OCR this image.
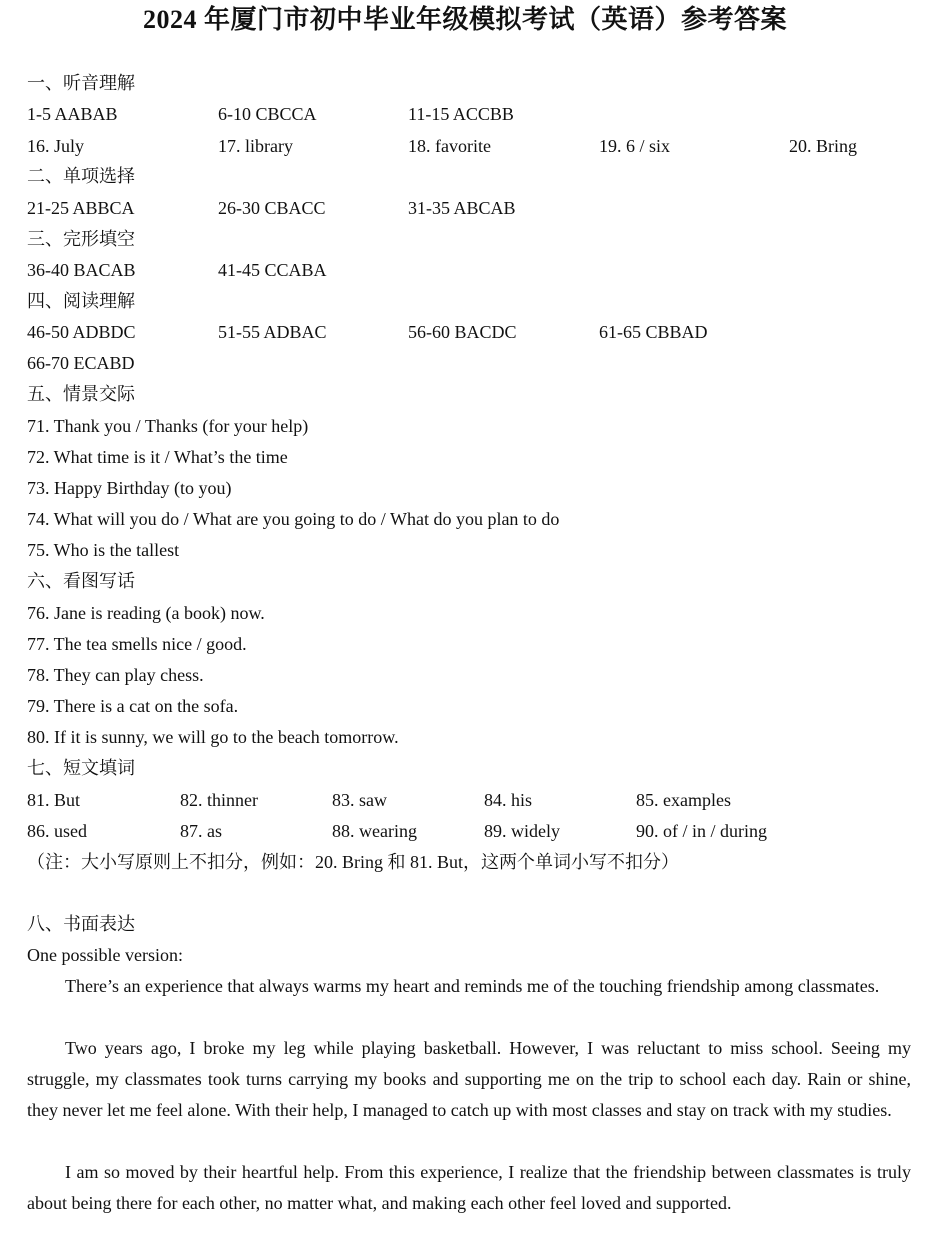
2024 年厦门市初中毕业年级模拟考试（英语）参考答案
一、听音理解
1-5 AABAB	6-10 CBCCA	11-15 ACCBB
16. July	17. library	18. favorite	19. 6 / six	20. Bring
二、单项选择
21-25 ABBCA	26-30 CBACC	31-35 ABCAB
三、完形填空
36-40 BACAB	41-45 CCABA
四、阅读理解
46-50 ADBDC	51-55 ADBAC	56-60 BACDC	61-65 CBBAD
66-70 ECABD
五、情景交际
71. Thank you / Thanks (for your help)
72. What time is it / What’s the time
73. Happy Birthday (to you)
74. What will you do / What are you going to do / What do you plan to do
75. Who is the tallest
六、看图写话
76. Jane is reading (a book) now.
77. The tea smells nice / good.
78. They can play chess.
79. There is a cat on the sofa.
80. If it is sunny, we will go to the beach tomorrow.
七、短文填词
81. But	82. thinner	83. saw	84. his	85. examples
86. used	87. as	88. wearing	89. widely	90. of / in / during
（注：大小写原则上不扣分，例如：20. Bring 和 81. But，这两个单词小写不扣分）
八、书面表达
One possible version:

There’s an experience that always warms my heart and reminds me of the touching friendship among classmates.

Two years ago, I broke my leg while playing basketball. However, I was reluctant to miss school. Seeing my struggle, my classmates took turns carrying my books and supporting me on the trip to school each day. Rain or shine, they never let me feel alone. With their help, I managed to catch up with most classes and stay on track with my studies.

I am so moved by their heartful help. From this experience, I realize that the friendship between classmates is truly about being there for each other, no matter what, and making each other feel loved and supported.
